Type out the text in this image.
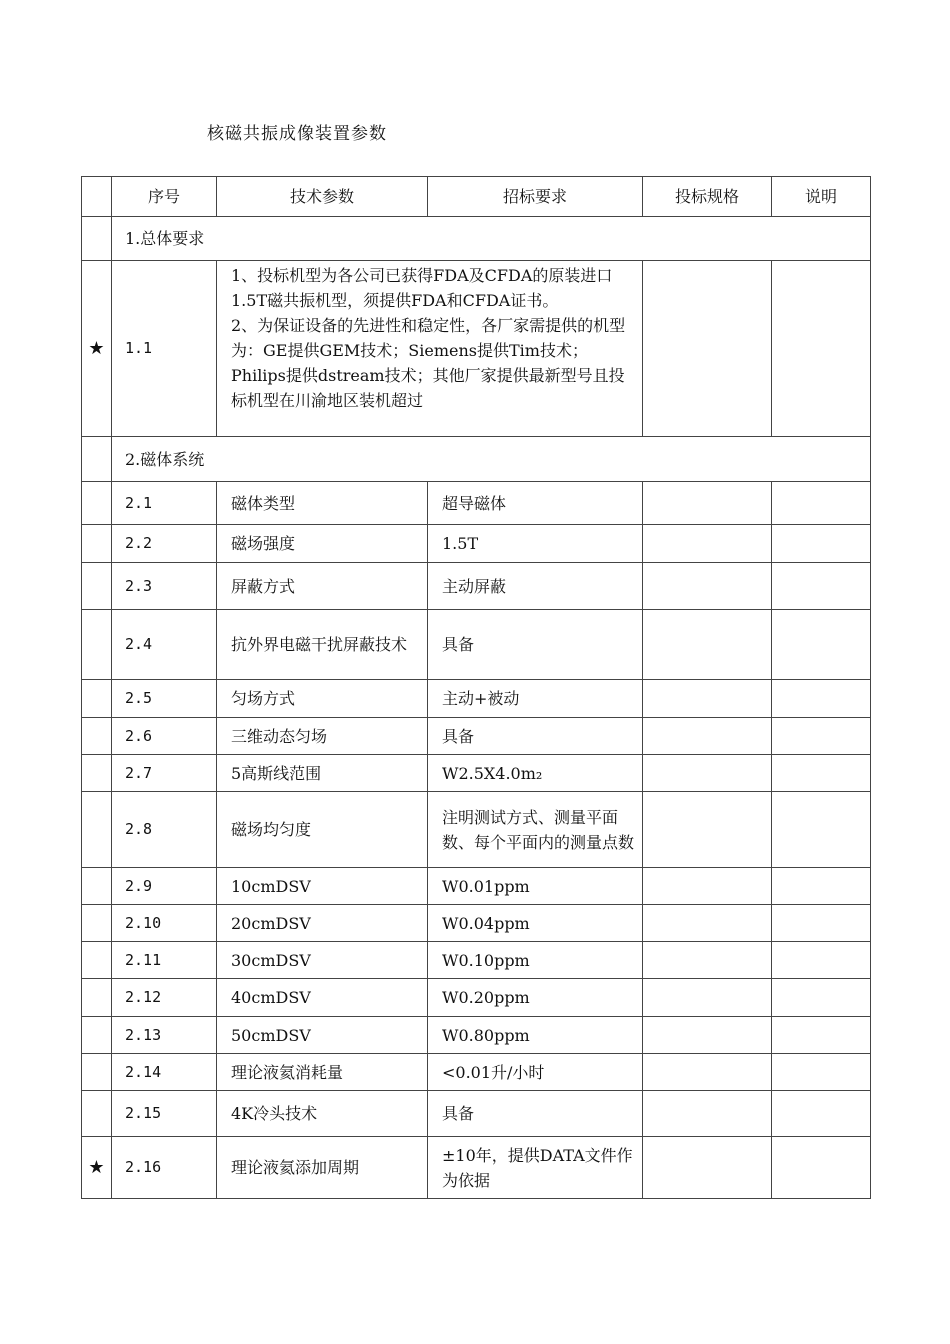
核磁共振成像装置参数
	序号	技术参数	招标要求	投标规格	说明
	1.总体要求				
★	1.1	1、投标机型为各公司已获得FDA及CFDA的原装进口1.5T磁共振机型，须提供FDA和CFDA证书。
2、为保证设备的先进性和稳定性，各厂家需提供的机型为：GE提供GEM技术；Siemens提供Tim技术；Philips提供dstream技术；其他厂家提供最新型号且投标机型在川渝地区装机超过			

	2.磁体系统				
	2.1	磁体类型	超导磁体		
	2.2	磁场强度	1.5T		
	2.3	屏蔽方式	主动屏蔽		
	2.4	抗外界电磁干扰屏蔽技术	具备		
	2.5	匀场方式	主动+被动		
	2.6	三维动态匀场	具备		
	2.7	5高斯线范围	W2.5X4.0m₂		
	2.8	磁场均匀度	注明测试方式、测量平面数、每个平面内的测量点数		
	2.9	10cmDSV	W0.01ppm		
	2.10	20cmDSV	W0.04ppm		
	2.11	30cmDSV	W0.10ppm		
	2.12	40cmDSV	W0.20ppm		
	2.13	50cmDSV	W0.80ppm		
	2.14	理论液氦消耗量	<0.01升/小时		
	2.15	4K冷头技术	具备		
★	2.16	理论液氦添加周期	±10年，提供DATA文件作为依据		
